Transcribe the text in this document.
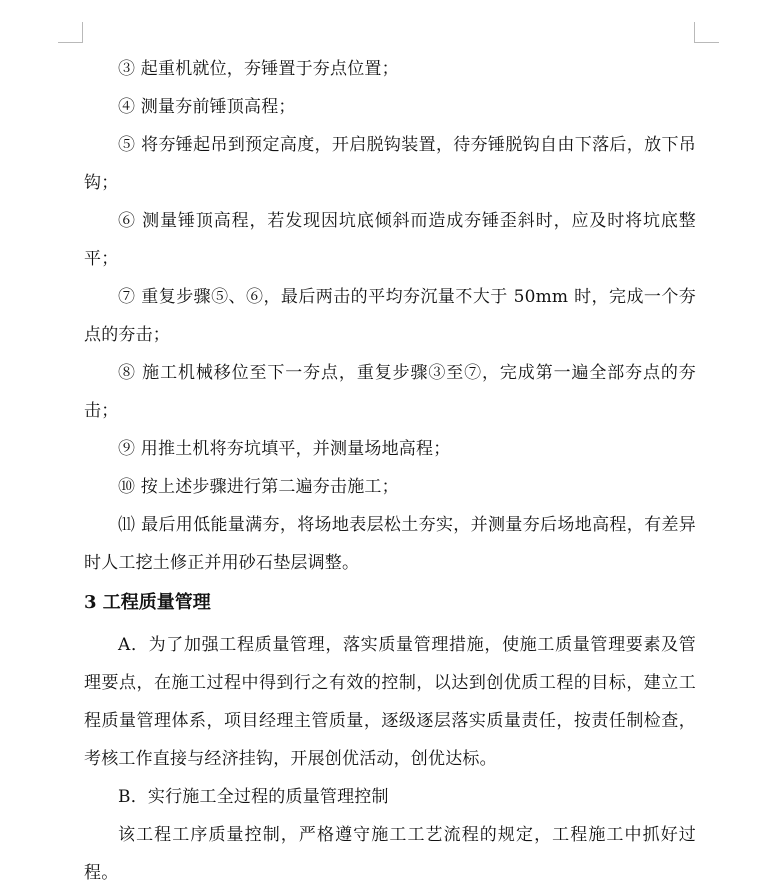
③ 起重机就位，夯锤置于夯点位置；

④ 测量夯前锤顶高程；

⑤ 将夯锤起吊到预定高度，开启脱钩装置，待夯锤脱钩自由下落后，放下吊钩；

⑥ 测量锤顶高程，若发现因坑底倾斜而造成夯锤歪斜时，应及时将坑底整平；

⑦ 重复步骤⑤、⑥，最后两击的平均夯沉量不大于 50mm 时，完成一个夯点的夯击；

⑧ 施工机械移位至下一夯点，重复步骤③至⑦，完成第一遍全部夯点的夯击；

⑨ 用推土机将夯坑填平，并测量场地高程；

⑩ 按上述步骤进行第二遍夯击施工；

⑾ 最后用低能量满夯，将场地表层松土夯实，并测量夯后场地高程，有差异时人工挖土修正并用砂石垫层调整。

3 工程质量管理

A．为了加强工程质量管理，落实质量管理措施，使施工质量管理要素及管理要点，在施工过程中得到行之有效的控制，以达到创优质工程的目标，建立工程质量管理体系，项目经理主管质量，逐级逐层落实质量责任，按责任制检查，考核工作直接与经济挂钩，开展创优活动，创优达标。

B．实行施工全过程的质量管理控制

该工程工序质量控制，严格遵守施工工艺流程的规定，工程施工中抓好过程。
